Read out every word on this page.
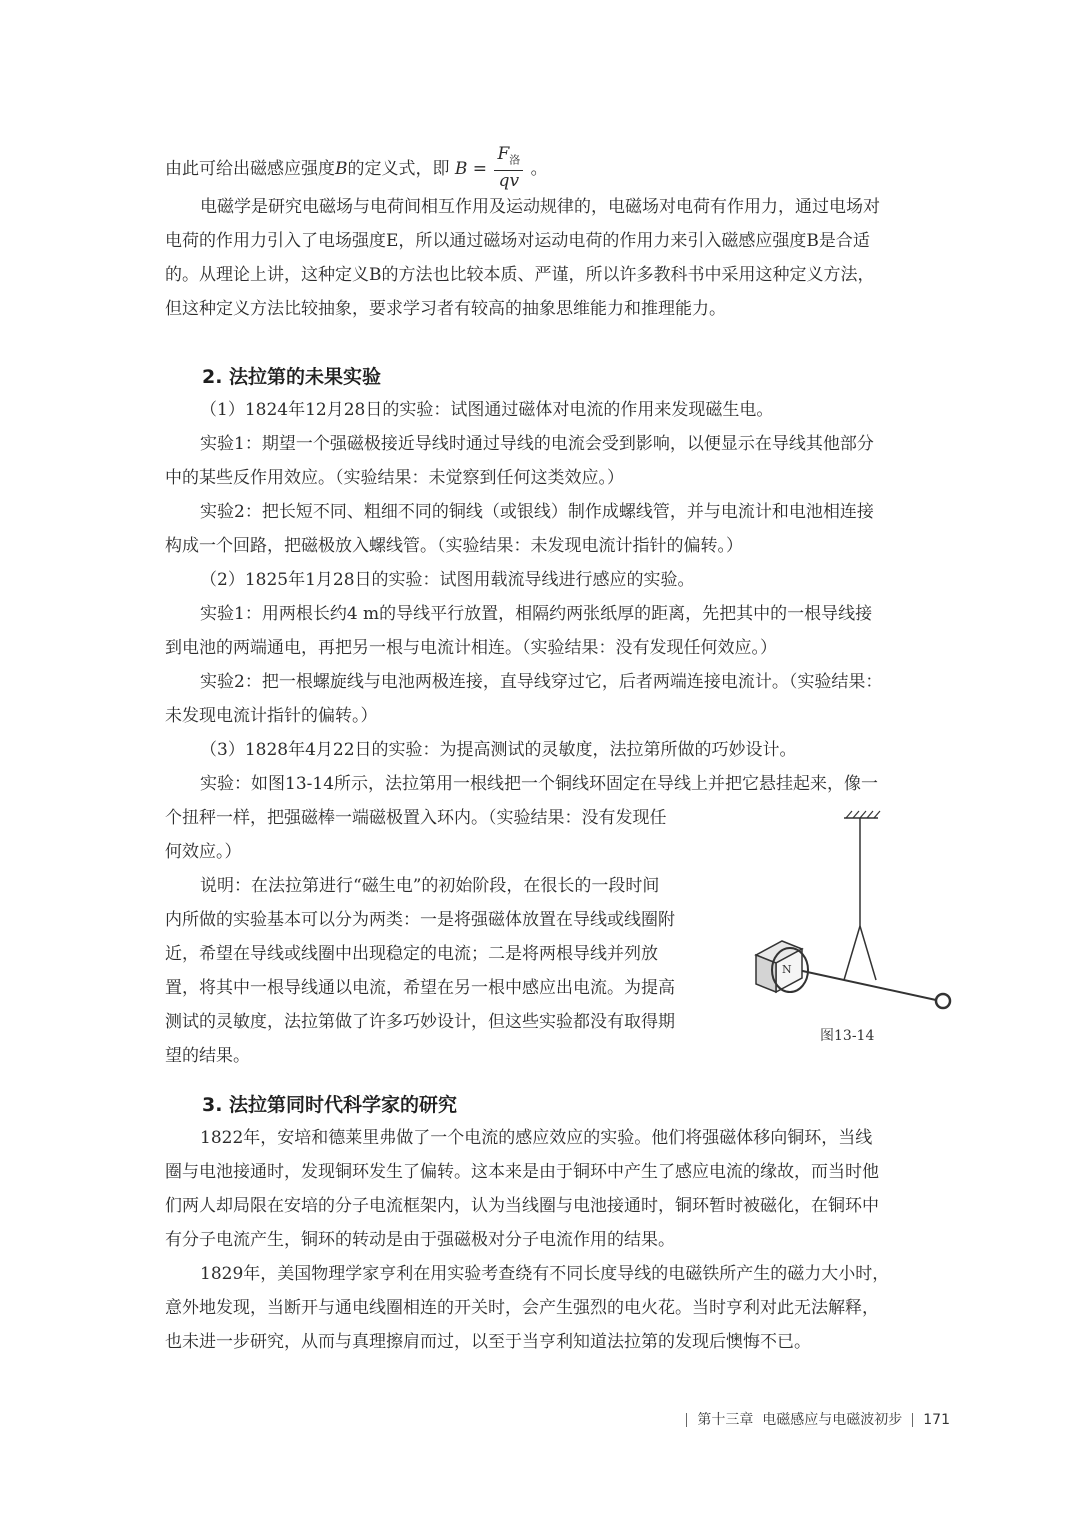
由此可给出磁感应强度B的定义式，即 $B = \frac{F_洛}{qv}$ 。

电磁学是研究电磁场与电荷间相互作用及运动规律的，电磁场对电荷有作用力，通过电场对

电荷的作用力引入了电场强度E，所以通过磁场对运动电荷的作用力来引入磁感应强度B是合适

的。从理论上讲，这种定义B的方法也比较本质、严谨，所以许多教科书中采用这种定义方法，

但这种定义方法比较抽象，要求学习者有较高的抽象思维能力和推理能力。

2. 法拉第的未果实验

（1）1824年12月28日的实验：试图通过磁体对电流的作用来发现磁生电。

实验1：期望一个强磁极接近导线时通过导线的电流会受到影响，以便显示在导线其他部分

中的某些反作用效应。（实验结果：未觉察到任何这类效应。）

实验2：把长短不同、粗细不同的铜线（或银线）制作成螺线管，并与电流计和电池相连接

构成一个回路，把磁极放入螺线管。（实验结果：未发现电流计指针的偏转。）

（2）1825年1月28日的实验：试图用载流导线进行感应的实验。

实验1：用两根长约4 m的导线平行放置，相隔约两张纸厚的距离，先把其中的一根导线接

到电池的两端通电，再把另一根与电流计相连。（实验结果：没有发现任何效应。）

实验2：把一根螺旋线与电池两极连接，直导线穿过它，后者两端连接电流计。（实验结果：

未发现电流计指针的偏转。）

（3）1828年4月22日的实验：为提高测试的灵敏度，法拉第所做的巧妙设计。

实验：如图13-14所示，法拉第用一根线把一个铜线环固定在导线上并把它悬挂起来，像一

个扭秤一样，把强磁棒一端磁极置入环内。（实验结果：没有发现任

何效应。）

说明：在法拉第进行“磁生电”的初始阶段，在很长的一段时间

内所做的实验基本可以分为两类：一是将强磁体放置在导线或线圈附

近，希望在导线或线圈中出现稳定的电流；二是将两根导线并列放

置，将其中一根导线通以电流，希望在另一根中感应出电流。为提高

测试的灵敏度，法拉第做了许多巧妙设计，但这些实验都没有取得期

望的结果。

N

图13-14

3. 法拉第同时代科学家的研究

1822年，安培和德莱里弗做了一个电流的感应效应的实验。他们将强磁体移向铜环，当线

圈与电池接通时，发现铜环发生了偏转。这本来是由于铜环中产生了感应电流的缘故，而当时他

们两人却局限在安培的分子电流框架内，认为当线圈与电池接通时，铜环暂时被磁化，在铜环中

有分子电流产生，铜环的转动是由于强磁极对分子电流作用的结果。

1829年，美国物理学家亨利在用实验考查绕有不同长度导线的电磁铁所产生的磁力大小时，

意外地发现，当断开与通电线圈相连的开关时，会产生强烈的电火花。当时亨利对此无法解释，

也未进一步研究，从而与真理擦肩而过，以至于当亨利知道法拉第的发现后懊悔不已。

第十三章 电磁感应与电磁波初步 171
